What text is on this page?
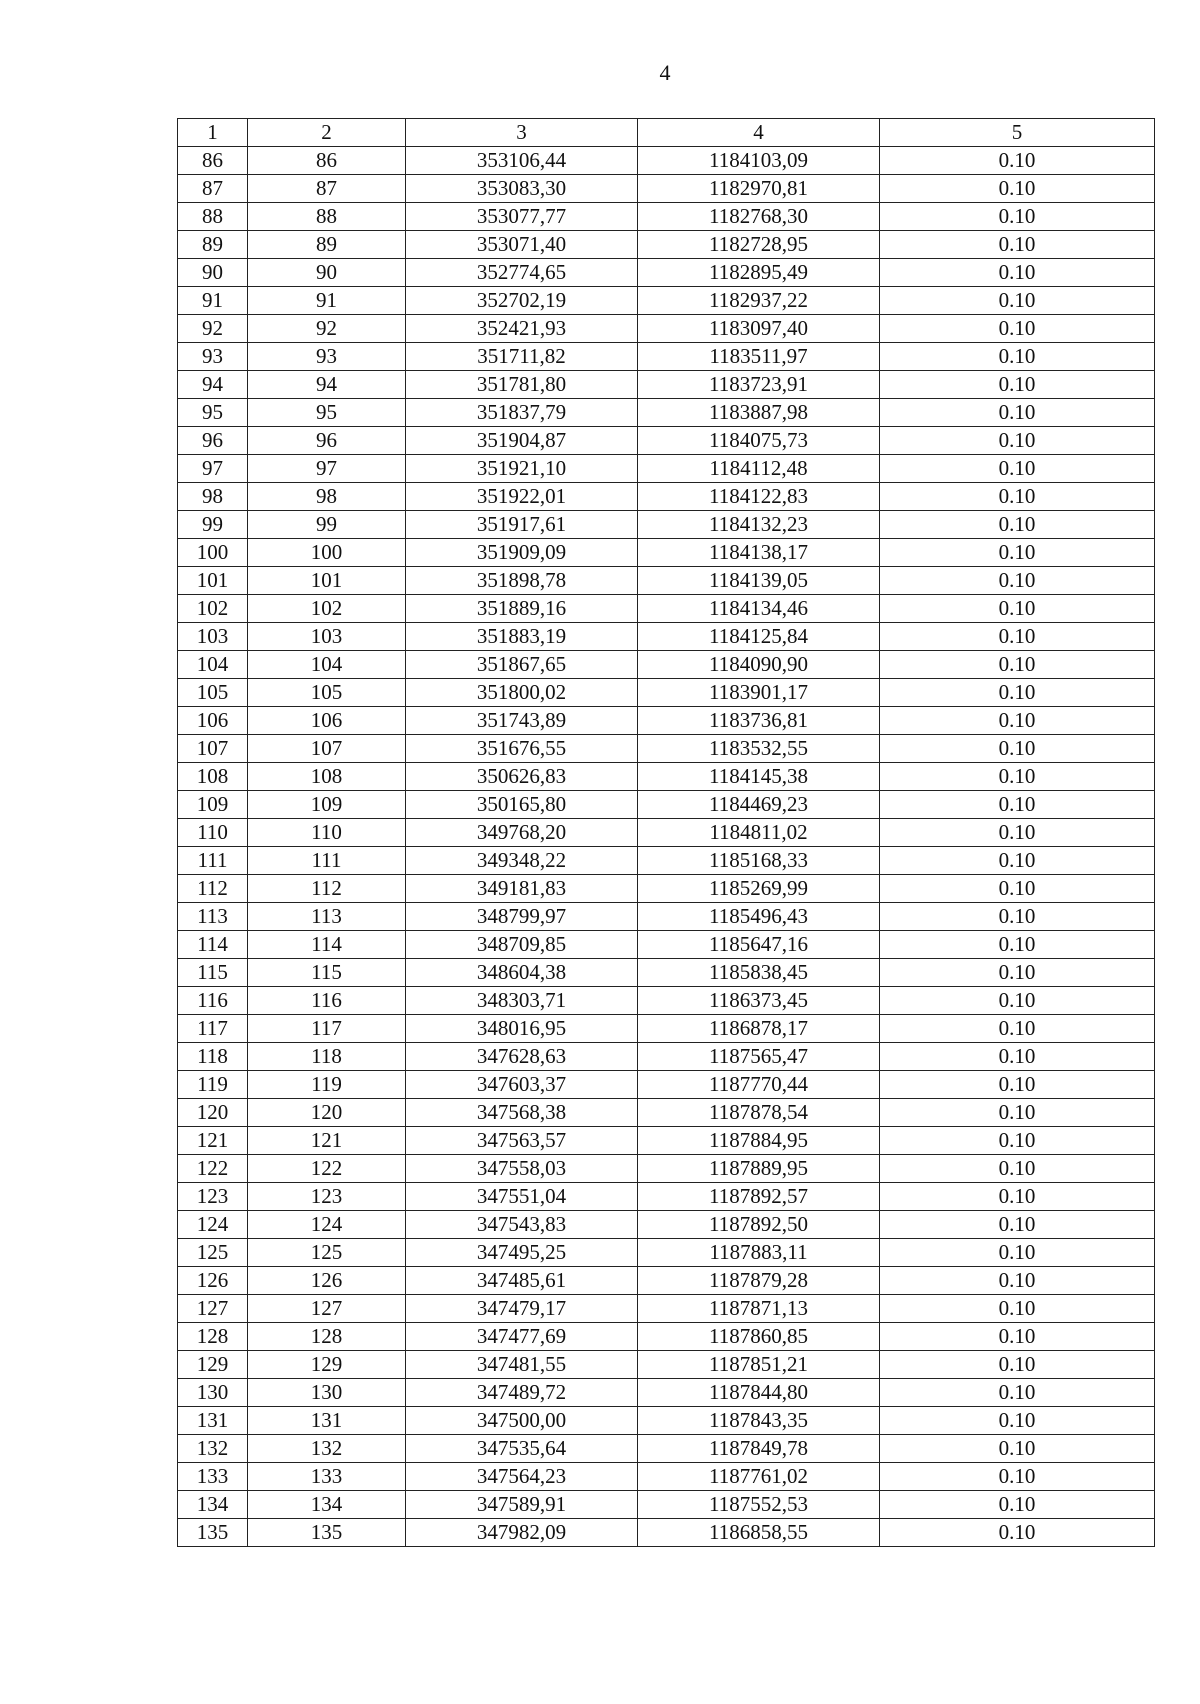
4
1	2	3	4	5
86	86	353106,44	1184103,09	0.10
87	87	353083,30	1182970,81	0.10
88	88	353077,77	1182768,30	0.10
89	89	353071,40	1182728,95	0.10
90	90	352774,65	1182895,49	0.10
91	91	352702,19	1182937,22	0.10
92	92	352421,93	1183097,40	0.10
93	93	351711,82	1183511,97	0.10
94	94	351781,80	1183723,91	0.10
95	95	351837,79	1183887,98	0.10
96	96	351904,87	1184075,73	0.10
97	97	351921,10	1184112,48	0.10
98	98	351922,01	1184122,83	0.10
99	99	351917,61	1184132,23	0.10
100	100	351909,09	1184138,17	0.10
101	101	351898,78	1184139,05	0.10
102	102	351889,16	1184134,46	0.10
103	103	351883,19	1184125,84	0.10
104	104	351867,65	1184090,90	0.10
105	105	351800,02	1183901,17	0.10
106	106	351743,89	1183736,81	0.10
107	107	351676,55	1183532,55	0.10
108	108	350626,83	1184145,38	0.10
109	109	350165,80	1184469,23	0.10
110	110	349768,20	1184811,02	0.10
111	111	349348,22	1185168,33	0.10
112	112	349181,83	1185269,99	0.10
113	113	348799,97	1185496,43	0.10
114	114	348709,85	1185647,16	0.10
115	115	348604,38	1185838,45	0.10
116	116	348303,71	1186373,45	0.10
117	117	348016,95	1186878,17	0.10
118	118	347628,63	1187565,47	0.10
119	119	347603,37	1187770,44	0.10
120	120	347568,38	1187878,54	0.10
121	121	347563,57	1187884,95	0.10
122	122	347558,03	1187889,95	0.10
123	123	347551,04	1187892,57	0.10
124	124	347543,83	1187892,50	0.10
125	125	347495,25	1187883,11	0.10
126	126	347485,61	1187879,28	0.10
127	127	347479,17	1187871,13	0.10
128	128	347477,69	1187860,85	0.10
129	129	347481,55	1187851,21	0.10
130	130	347489,72	1187844,80	0.10
131	131	347500,00	1187843,35	0.10
132	132	347535,64	1187849,78	0.10
133	133	347564,23	1187761,02	0.10
134	134	347589,91	1187552,53	0.10
135	135	347982,09	1186858,55	0.10
